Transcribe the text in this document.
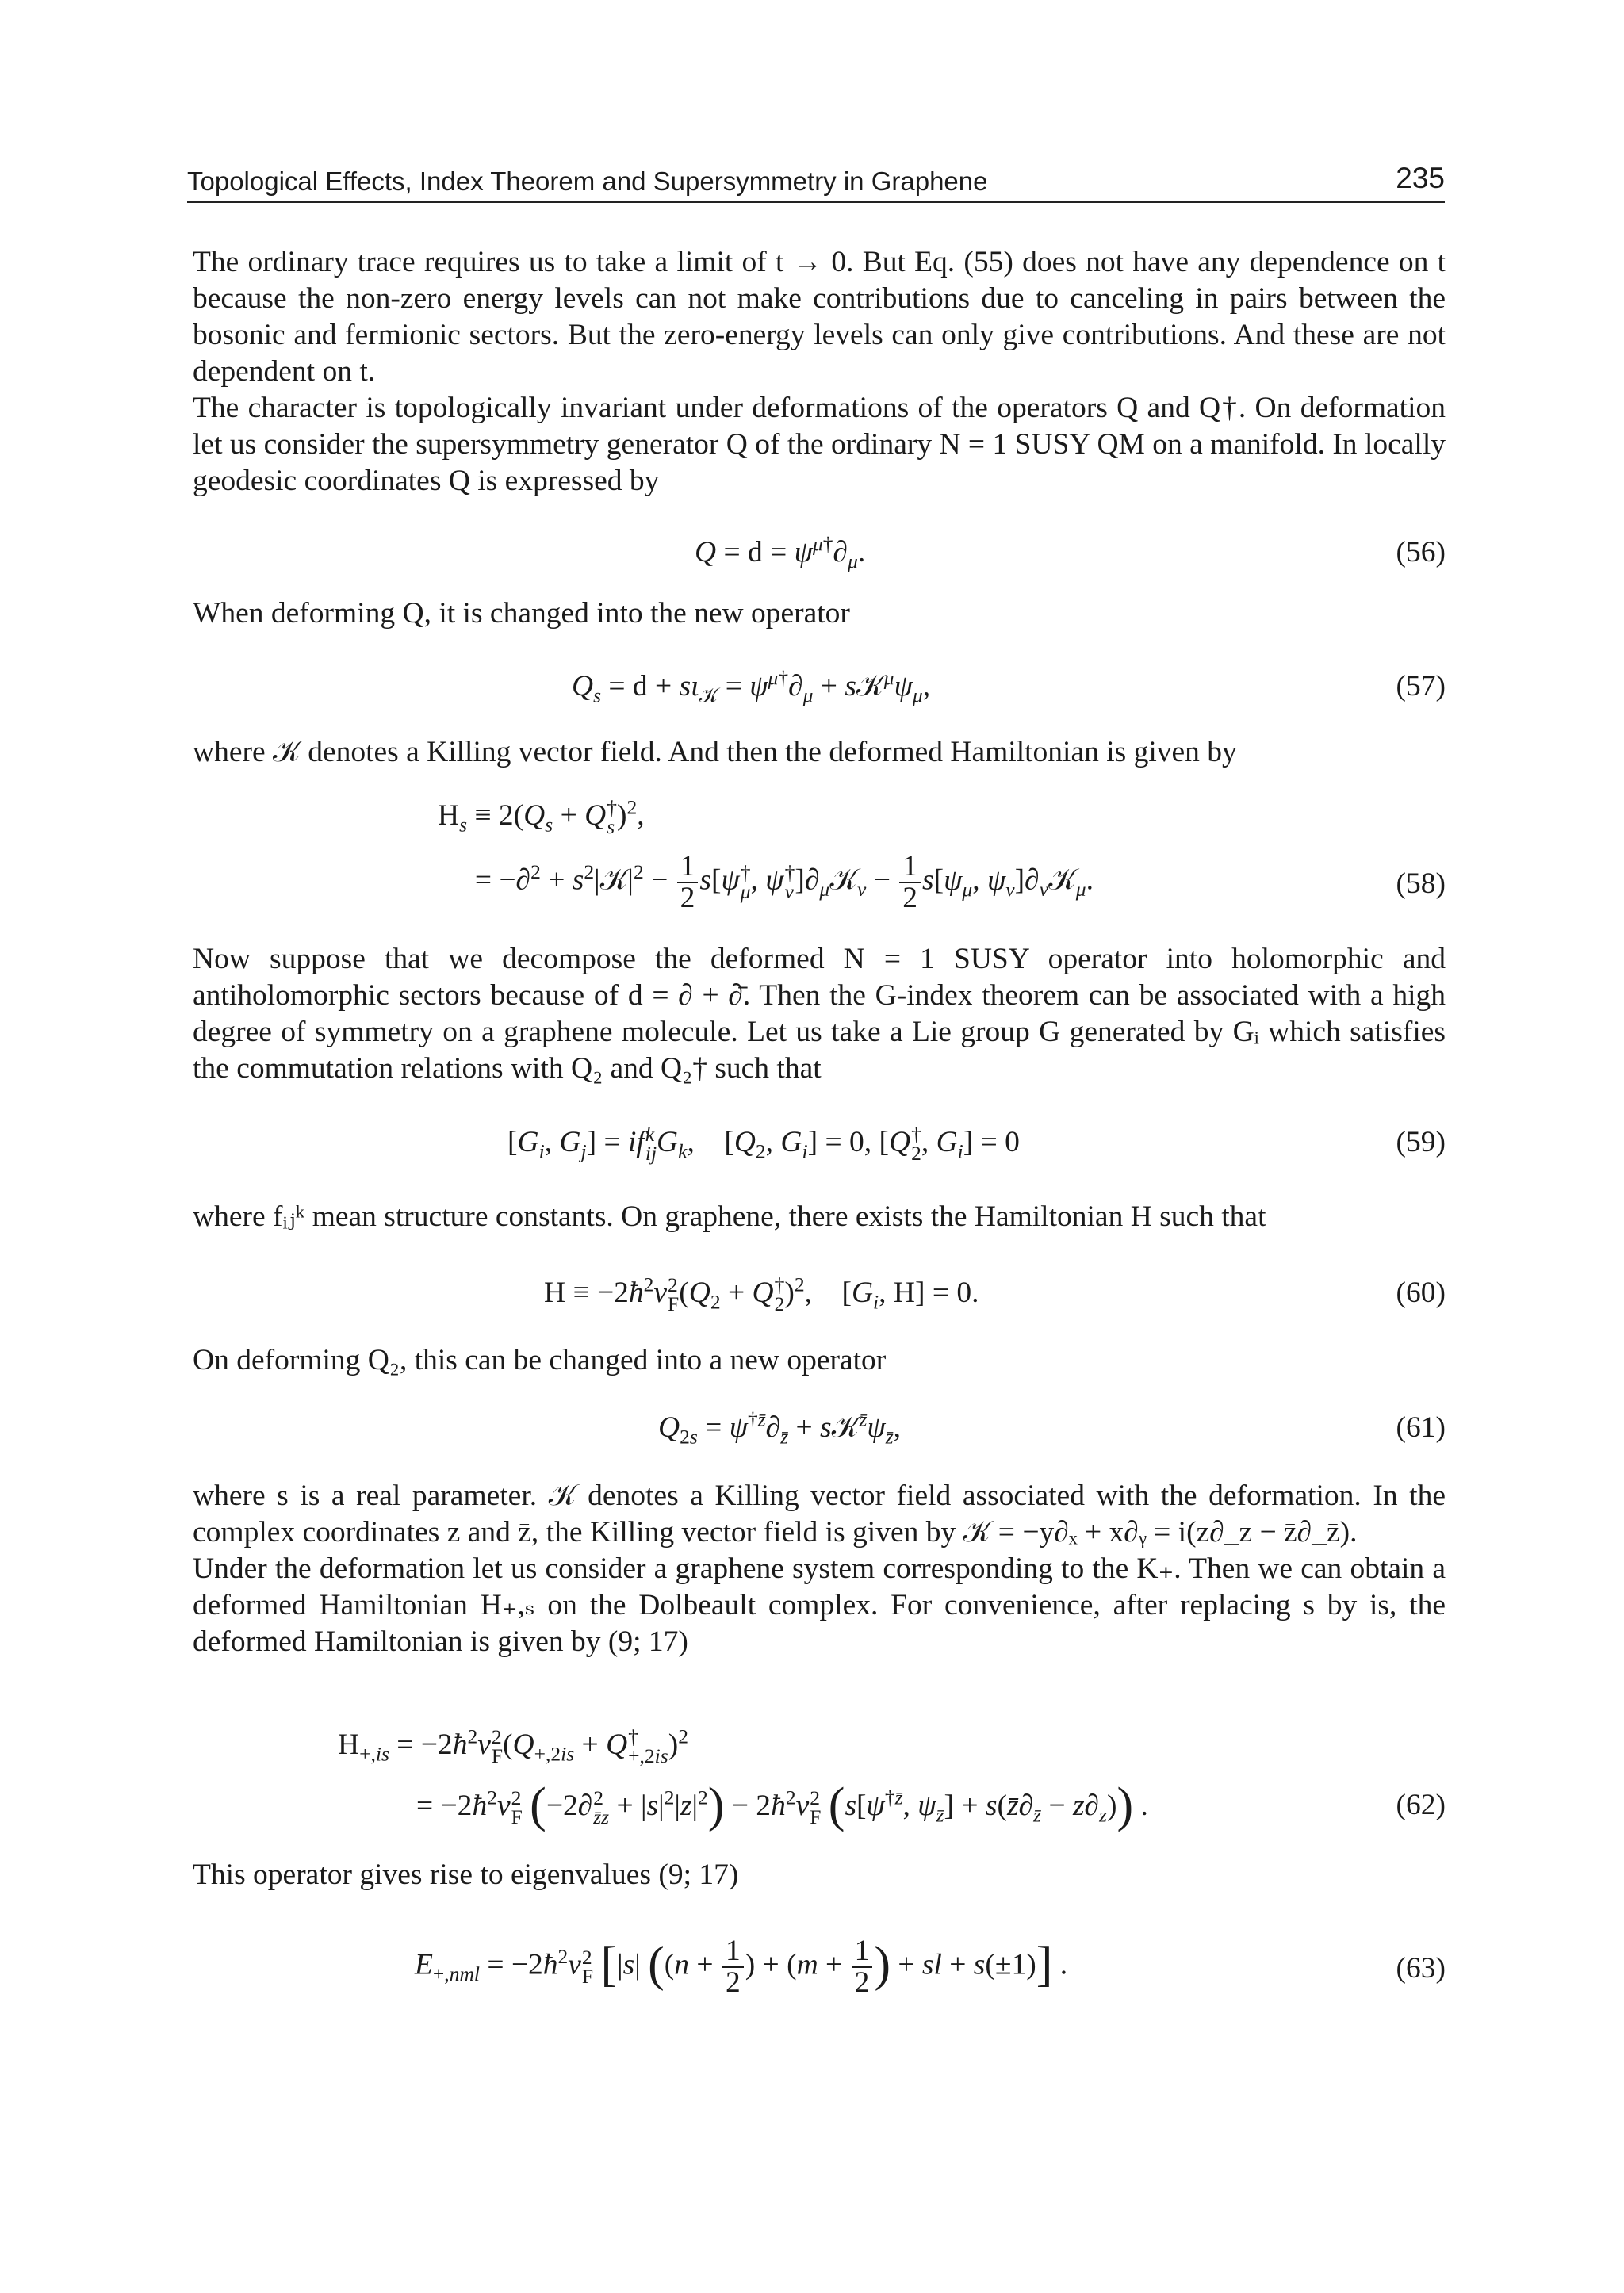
Topological Effects, Index Theorem and Supersymmetry in Graphene	235

The ordinary trace requires us to take a limit of t → 0. But Eq. (55) does not have any dependence on t because the non-zero energy levels can not make contributions due to canceling in pairs between the bosonic and fermionic sectors. But the zero-energy levels can only give contributions. And these are not dependent on t.

The character is topologically invariant under deformations of the operators Q and Q†. On deformation let us consider the supersymmetry generator Q of the ordinary N = 1 SUSY QM on a manifold. In locally geodesic coordinates Q is expressed by

$Q = d = \psi^{\mu\dagger}\partial_\mu$.	(56)

When deforming Q, it is changed into the new operator

$Q_s = d + s\iota_𝒦 = \psi^{\mu\dagger}\partial_\mu$ + $s𝒦^\mu\psi_\mu$,	(57)

where 𝒦 denotes a Killing vector field. And then the deformed Hamiltonian is given by

$H_s \equiv 2(Q_s + Q$ †
s )$^2$,
= $-\partial^2 + s^2|𝒦|^2 - \frac{1}{2} s[\psi$ †
μ , ψ †
ν ]$\partial_\mu 𝒦_\nu - \frac{1}{2} s[\psi_\mu$, $\psi_\nu]\partial_\nu 𝒦_\mu$.	(58)

Now suppose that we decompose the deformed N = 1 SUSY operator into holomorphic and antiholomorphic sectors because of d = ∂ + ∂̄. Then the G-index theorem can be associated with a high degree of symmetry on a graphene molecule. Let us take a Lie group G generated by Gᵢ which satisfies the commutation relations with Q₂ and Q₂† such that

[$G_i$, $G_j$] = if k
ij $G_k$,    [$Q_2$, $G_i] = 0$, [Q †
2 , $G_i] = 0$	(59)

where fᵢⱼᵏ mean structure constants. On graphene, there exists the Hamiltonian H such that

$H \equiv -2ħ^2v$ 2
F ($Q_2 + Q$ †
2 )$^2$,    [$G_i$, H] = 0.	(60)

On deforming Q₂, this can be changed into a new operator

$Q_{2s} = \psi^{\dagger z̄}\partial_{z̄}$ + $s𝒦^{z̄}\psi_{z̄}$,	(61)

where s is a real parameter. 𝒦 denotes a Killing vector field associated with the deformation. In the complex coordinates z and z̄, the Killing vector field is given by 𝒦 = −y∂ₓ + x∂ᵧ = i(z∂_z − z̄∂_z̄).

Under the deformation let us consider a graphene system corresponding to the K₊. Then we can obtain a deformed Hamiltonian H₊,ₛ on the Dolbeault complex. For convenience, after replacing s by is, the deformed Hamiltonian is given by (9; 17)

$H_{+,is}$ = $-2ħ^2v$ 2
F ($Q_{+,2is} + Q$ †
+,2is )$^2$
= $-2ħ^2v$ 2
F (−2∂ 2
z̄z + $|s|^2|z|^2$) − $2ħ^2v$ 2
F ($s[\psi^{\dagger z̄}$, $\psi_{z̄}$] + $s(z̄\partial_{z̄} - z\partial_z)$) .	(62)

This operator gives rise to eigenvalues (9; 17)

$E_{+,nml}$ = $-2ħ^2v$ 2
F [|s| (($n + \frac{1}{2}$ ) + ($m + \frac{1}{2}$ ) + sl + s(±1)] .	(63)
